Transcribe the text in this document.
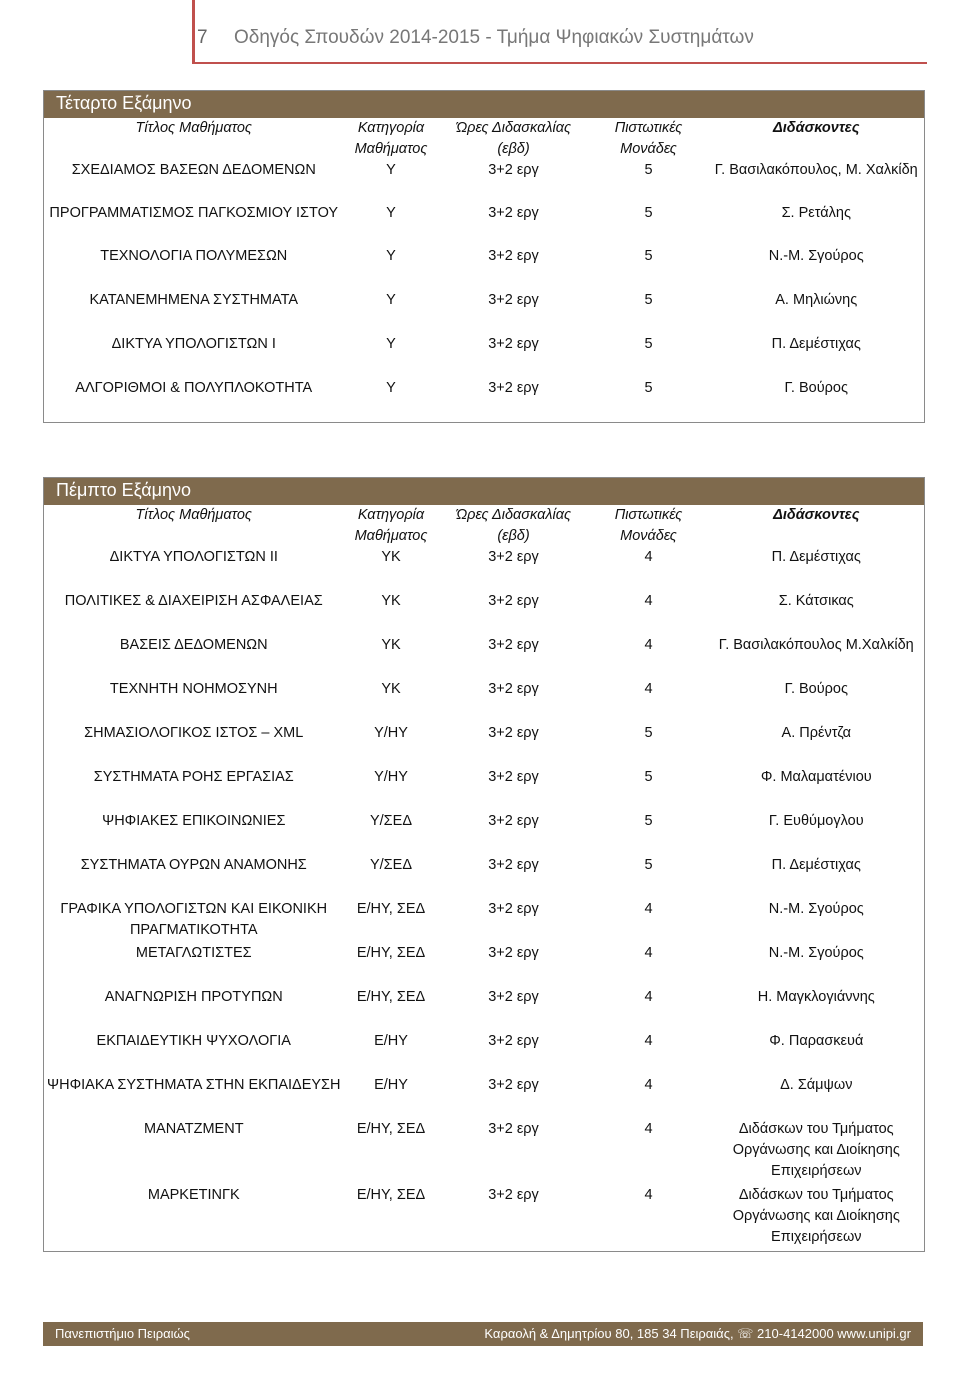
7 Οδηγός Σπουδών 2014-2015 - Τμήμα Ψηφιακών Συστημάτων
Τέταρτο Εξάμηνο				
Τίτλος Μαθήματος	Κατηγορία Μαθήματος	Ώρες Διδασκαλίας (εβδ)	Πιστωτικές Μονάδες	Διδάσκοντες
ΣΧΕΔΙΑΜΟΣ ΒΑΣΕΩΝ ΔΕΔΟΜΕΝΩΝ	Υ	3+2 εργ	5	Γ. Βασιλακόπουλος, Μ. Χαλκίδη
ΠΡΟΓΡΑΜΜΑΤΙΣΜΟΣ ΠΑΓΚΟΣΜΙΟΥ ΙΣΤΟΥ	Υ	3+2 εργ	5	Σ. Ρετάλης
ΤΕΧΝΟΛΟΓΙΑ ΠΟΛΥΜΕΣΩΝ	Υ	3+2 εργ	5	Ν.-Μ. Σγούρος
ΚΑΤΑΝΕΜΗΜΕΝΑ ΣΥΣΤΗΜΑΤΑ	Υ	3+2 εργ	5	Α. Μηλιώνης
ΔΙΚΤΥΑ ΥΠΟΛΟΓΙΣΤΩΝ Ι	Υ	3+2 εργ	5	Π. Δεμέστιχας
ΑΛΓΟΡΙΘΜΟΙ & ΠΟΛΥΠΛΟΚΟΤΗΤΑ	Υ	3+2 εργ	5	Γ. Βούρος
Πέμπτο Εξάμηνο				
Τίτλος Μαθήματος	Κατηγορία Μαθήματος	Ώρες Διδασκαλίας (εβδ)	Πιστωτικές Μονάδες	Διδάσκοντες
ΔΙΚΤΥΑ ΥΠΟΛΟΓΙΣΤΩΝ ΙΙ	ΥΚ	3+2 εργ	4	Π. Δεμέστιχας
ΠΟΛΙΤΙΚΕΣ & ΔΙΑΧΕΙΡΙΣΗ ΑΣΦΑΛΕΙΑΣ	ΥΚ	3+2 εργ	4	Σ. Κάτσικας
ΒΑΣΕΙΣ ΔΕΔΟΜΕΝΩΝ	ΥΚ	3+2 εργ	4	Γ. Βασιλακόπουλος Μ.Χαλκίδη
ΤΕΧΝΗΤΗ ΝΟΗΜΟΣΥΝΗ	ΥΚ	3+2 εργ	4	Γ. Βούρος
ΣΗΜΑΣΙΟΛΟΓΙΚΟΣ ΙΣΤΟΣ – XML	Υ/ΗΥ	3+2 εργ	5	Α. Πρέντζα
ΣΥΣΤΗΜΑΤΑ ΡΟΗΣ ΕΡΓΑΣΙΑΣ	Υ/ΗΥ	3+2 εργ	5	Φ. Μαλαματένιου
ΨΗΦΙΑΚΕΣ ΕΠΙΚΟΙΝΩΝΙΕΣ	Υ/ΣΕΔ	3+2 εργ	5	Γ. Ευθύμογλου
ΣΥΣΤΗΜΑΤΑ ΟΥΡΩΝ ΑΝΑΜΟΝΗΣ	Υ/ΣΕΔ	3+2 εργ	5	Π. Δεμέστιχας
ΓΡΑΦΙΚΑ ΥΠΟΛΟΓΙΣΤΩΝ ΚΑΙ ΕΙΚΟΝΙΚΗ ΠΡΑΓΜΑΤΙΚΟΤΗΤΑ	Ε/ΗΥ, ΣΕΔ	3+2 εργ	4	Ν.-Μ. Σγούρος
ΜΕΤΑΓΛΩΤΙΣΤΕΣ	Ε/ΗΥ, ΣΕΔ	3+2 εργ	4	Ν.-Μ. Σγούρος
ΑΝΑΓΝΩΡΙΣΗ ΠΡΟΤΥΠΩΝ	Ε/ΗΥ, ΣΕΔ	3+2 εργ	4	Η. Μαγκλογιάννης
ΕΚΠΑΙΔΕΥΤΙΚΗ ΨΥΧΟΛΟΓΙΑ	Ε/ΗΥ	3+2 εργ	4	Φ. Παρασκευά
ΨΗΦΙΑΚΑ ΣΥΣΤΗΜΑΤΑ ΣΤΗΝ ΕΚΠΑΙΔΕΥΣΗ	Ε/ΗΥ	3+2 εργ	4	Δ. Σάμψων
ΜΑΝΑΤΖΜΕΝΤ	Ε/ΗΥ, ΣΕΔ	3+2 εργ	4	Διδάσκων του Τμήματος Οργάνωσης και Διοίκησης Επιχειρήσεων
ΜΑΡΚΕΤΙΝΓΚ	Ε/ΗΥ, ΣΕΔ	3+2 εργ	4	Διδάσκων του Τμήματος Οργάνωσης και Διοίκησης Επιχειρήσεων
Πανεπιστήμιο Πειραιώς	Καραολή & Δημητρίου 80, 185 34 Πειραιάς, ☏ 210-4142000 www.unipi.gr
